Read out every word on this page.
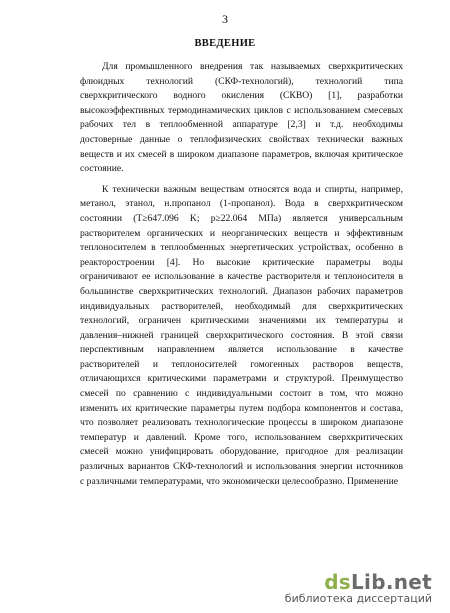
3
ВВЕДЕНИЕ
Для промышленного внедрения так называемых сверхкритических
флюидных технологий (СКФ-технологий), технологий типа
сверхкритического водного окисления (СКВО) [1], разработки
высокоэффективных термодинамических циклов с использованием смесевых
рабочих тел в теплообменной аппаратуре [2,3] и т.д. необходимы
достоверные данные о теплофизических свойствах технически важных
веществ и их смесей в широком диапазоне параметров, включая критическое
состояние.
К технически важным веществам относятся вода и спирты, например,
метанол, этанол, н.пропанол (1-пропанол). Вода в сверхкритическом
состоянии (T≥647.096 K; p≥22.064 МПа) является универсальным
растворителем органических и неорганических веществ и эффективным
теплоносителем в теплообменных энергетических устройствах, особенно в
реакторостроении [4]. Но высокие критические параметры воды
ограничивают ее использование в качестве растворителя и теплоносителя в
большинстве сверхкритических технологий. Диапазон рабочих параметров
индивидуальных растворителей, необходимый для сверхкритических
технологий, ограничен критическими значениями их температуры и
давления–нижней границей сверхкритического состояния. В этой связи
перспективным направлением является использование в качестве
растворителей и теплоносителей гомогенных растворов веществ,
отличающихся критическими параметрами и структурой. Преимущество
смесей по сравнению с индивидуальными состоит в том, что можно
изменить их критические параметры путем подбора компонентов и состава,
что позволяет реализовать технологические процессы в широком диапазоне
температур и давлений. Кроме того, использованием сверхкритических
смесей можно унифицировать оборудование, пригодное для реализации
различных вариантов СКФ-технологий и использования энергии источников
с различными температурами, что экономически целесообразно. Применение
dsLib.net
библиотека диссертаций
